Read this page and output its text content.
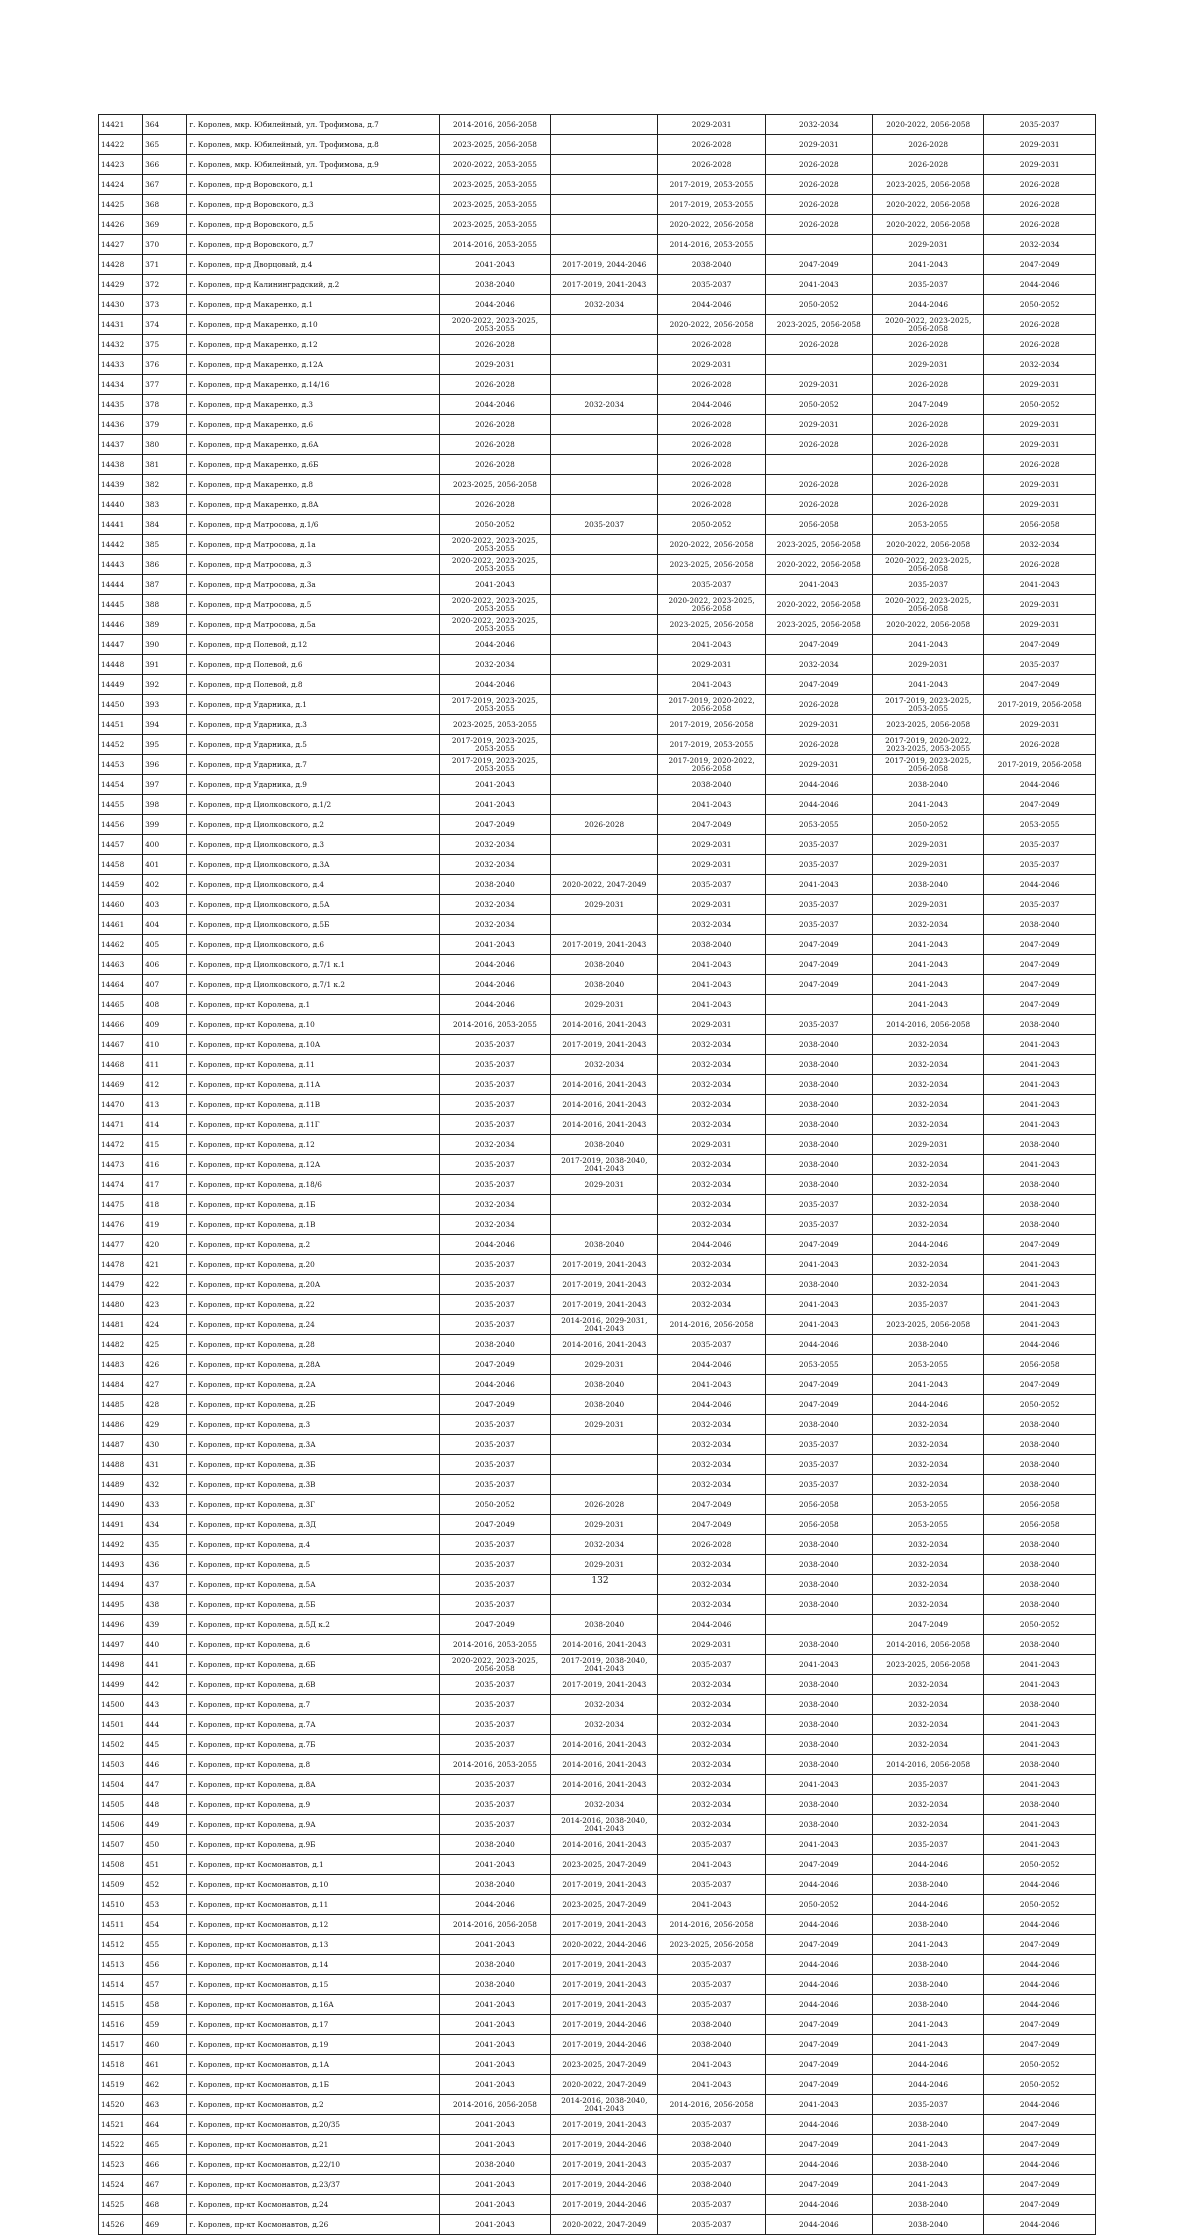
14421	364	г. Королев, мкр. Юбилейный, ул. Трофимова, д.7	2014-2016, 2056-2058		2029-2031	2032-2034	2020-2022, 2056-2058	2035-2037
14422	365	г. Королев, мкр. Юбилейный, ул. Трофимова, д.8	2023-2025, 2056-2058		2026-2028	2029-2031	2026-2028	2029-2031
14423	366	г. Королев, мкр. Юбилейный, ул. Трофимова, д.9	2020-2022, 2053-2055		2026-2028	2026-2028	2026-2028	2029-2031
14424	367	г. Королев, пр-д Воровского, д.1	2023-2025, 2053-2055		2017-2019, 2053-2055	2026-2028	2023-2025, 2056-2058	2026-2028
14425	368	г. Королев, пр-д Воровского, д.3	2023-2025, 2053-2055		2017-2019, 2053-2055	2026-2028	2020-2022, 2056-2058	2026-2028
14426	369	г. Королев, пр-д Воровского, д.5	2023-2025, 2053-2055		2020-2022, 2056-2058	2026-2028	2020-2022, 2056-2058	2026-2028
14427	370	г. Королев, пр-д Воровского, д.7	2014-2016, 2053-2055		2014-2016, 2053-2055		2029-2031	2032-2034
14428	371	г. Королев, пр-д Дворцовый, д.4	2041-2043	2017-2019, 2044-2046	2038-2040	2047-2049	2041-2043	2047-2049
14429	372	г. Королев, пр-д Калининградский, д.2	2038-2040	2017-2019, 2041-2043	2035-2037	2041-2043	2035-2037	2044-2046
14430	373	г. Королев, пр-д Макаренко, д.1	2044-2046	2032-2034	2044-2046	2050-2052	2044-2046	2050-2052
14431	374	г. Королев, пр-д Макаренко, д.10	2020-2022, 2023-2025, 2053-2055		2020-2022, 2056-2058	2023-2025, 2056-2058	2020-2022, 2023-2025, 2056-2058	2026-2028
14432	375	г. Королев, пр-д Макаренко, д.12	2026-2028		2026-2028	2026-2028	2026-2028	2026-2028
14433	376	г. Королев, пр-д Макаренко, д.12А	2029-2031		2029-2031		2029-2031	2032-2034
14434	377	г. Королев, пр-д Макаренко, д.14/16	2026-2028		2026-2028	2029-2031	2026-2028	2029-2031
14435	378	г. Королев, пр-д Макаренко, д.3	2044-2046	2032-2034	2044-2046	2050-2052	2047-2049	2050-2052
14436	379	г. Королев, пр-д Макаренко, д.6	2026-2028		2026-2028	2029-2031	2026-2028	2029-2031
14437	380	г. Королев, пр-д Макаренко, д.6А	2026-2028		2026-2028	2026-2028	2026-2028	2029-2031
14438	381	г. Королев, пр-д Макаренко, д.6Б	2026-2028		2026-2028		2026-2028	2026-2028
14439	382	г. Королев, пр-д Макаренко, д.8	2023-2025, 2056-2058		2026-2028	2026-2028	2026-2028	2029-2031
14440	383	г. Королев, пр-д Макаренко, д.8А	2026-2028		2026-2028	2026-2028	2026-2028	2029-2031
14441	384	г. Королев, пр-д Матросова, д.1/6	2050-2052	2035-2037	2050-2052	2056-2058	2053-2055	2056-2058
14442	385	г. Королев, пр-д Матросова, д.1а	2020-2022, 2023-2025, 2053-2055		2020-2022, 2056-2058	2023-2025, 2056-2058	2020-2022, 2056-2058	2032-2034
14443	386	г. Королев, пр-д Матросова, д.3	2020-2022, 2023-2025, 2053-2055		2023-2025, 2056-2058	2020-2022, 2056-2058	2020-2022, 2023-2025, 2056-2058	2026-2028
14444	387	г. Королев, пр-д Матросова, д.3а	2041-2043		2035-2037	2041-2043	2035-2037	2041-2043
14445	388	г. Королев, пр-д Матросова, д.5	2020-2022, 2023-2025, 2053-2055		2020-2022, 2023-2025, 2056-2058	2020-2022, 2056-2058	2020-2022, 2023-2025, 2056-2058	2029-2031
14446	389	г. Королев, пр-д Матросова, д.5а	2020-2022, 2023-2025, 2053-2055		2023-2025, 2056-2058	2023-2025, 2056-2058	2020-2022, 2056-2058	2029-2031
14447	390	г. Королев, пр-д Полевой, д.12	2044-2046		2041-2043	2047-2049	2041-2043	2047-2049
14448	391	г. Королев, пр-д Полевой, д.6	2032-2034		2029-2031	2032-2034	2029-2031	2035-2037
14449	392	г. Королев, пр-д Полевой, д.8	2044-2046		2041-2043	2047-2049	2041-2043	2047-2049
14450	393	г. Королев, пр-д Ударника, д.1	2017-2019, 2023-2025, 2053-2055		2017-2019, 2020-2022, 2056-2058	2026-2028	2017-2019, 2023-2025, 2053-2055	2017-2019, 2056-2058
14451	394	г. Королев, пр-д Ударника, д.3	2023-2025, 2053-2055		2017-2019, 2056-2058	2029-2031	2023-2025, 2056-2058	2029-2031
14452	395	г. Королев, пр-д Ударника, д.5	2017-2019, 2023-2025, 2053-2055		2017-2019, 2053-2055	2026-2028	2017-2019, 2020-2022, 2023-2025, 2053-2055	2026-2028
14453	396	г. Королев, пр-д Ударника, д.7	2017-2019, 2023-2025, 2053-2055		2017-2019, 2020-2022, 2056-2058	2029-2031	2017-2019, 2023-2025, 2056-2058	2017-2019, 2056-2058
14454	397	г. Королев, пр-д Ударника, д.9	2041-2043		2038-2040	2044-2046	2038-2040	2044-2046
14455	398	г. Королев, пр-д Циолковского, д.1/2	2041-2043		2041-2043	2044-2046	2041-2043	2047-2049
14456	399	г. Королев, пр-д Циолковского, д.2	2047-2049	2026-2028	2047-2049	2053-2055	2050-2052	2053-2055
14457	400	г. Королев, пр-д Циолковского, д.3	2032-2034		2029-2031	2035-2037	2029-2031	2035-2037
14458	401	г. Королев, пр-д Циолковского, д.3А	2032-2034		2029-2031	2035-2037	2029-2031	2035-2037
14459	402	г. Королев, пр-д Циолковского, д.4	2038-2040	2020-2022, 2047-2049	2035-2037	2041-2043	2038-2040	2044-2046
14460	403	г. Королев, пр-д Циолковского, д.5А	2032-2034	2029-2031	2029-2031	2035-2037	2029-2031	2035-2037
14461	404	г. Королев, пр-д Циолковского, д.5Б	2032-2034		2032-2034	2035-2037	2032-2034	2038-2040
14462	405	г. Королев, пр-д Циолковского, д.6	2041-2043	2017-2019, 2041-2043	2038-2040	2047-2049	2041-2043	2047-2049
14463	406	г. Королев, пр-д Циолковского, д.7/1 к.1	2044-2046	2038-2040	2041-2043	2047-2049	2041-2043	2047-2049
14464	407	г. Королев, пр-д Циолковского, д.7/1 к.2	2044-2046	2038-2040	2041-2043	2047-2049	2041-2043	2047-2049
14465	408	г. Королев, пр-кт Королева, д.1	2044-2046	2029-2031	2041-2043		2041-2043	2047-2049
14466	409	г. Королев, пр-кт Королева, д.10	2014-2016, 2053-2055	2014-2016, 2041-2043	2029-2031	2035-2037	2014-2016, 2056-2058	2038-2040
14467	410	г. Королев, пр-кт Королева, д.10А	2035-2037	2017-2019, 2041-2043	2032-2034	2038-2040	2032-2034	2041-2043
14468	411	г. Королев, пр-кт Королева, д.11	2035-2037	2032-2034	2032-2034	2038-2040	2032-2034	2041-2043
14469	412	г. Королев, пр-кт Королева, д.11А	2035-2037	2014-2016, 2041-2043	2032-2034	2038-2040	2032-2034	2041-2043
14470	413	г. Королев, пр-кт Королева, д.11В	2035-2037	2014-2016, 2041-2043	2032-2034	2038-2040	2032-2034	2041-2043
14471	414	г. Королев, пр-кт Королева, д.11Г	2035-2037	2014-2016, 2041-2043	2032-2034	2038-2040	2032-2034	2041-2043
14472	415	г. Королев, пр-кт Королева, д.12	2032-2034	2038-2040	2029-2031	2038-2040	2029-2031	2038-2040
14473	416	г. Королев, пр-кт Королева, д.12А	2035-2037	2017-2019, 2038-2040, 2041-2043	2032-2034	2038-2040	2032-2034	2041-2043
14474	417	г. Королев, пр-кт Королева, д.18/6	2035-2037	2029-2031	2032-2034	2038-2040	2032-2034	2038-2040
14475	418	г. Королев, пр-кт Королева, д.1Б	2032-2034		2032-2034	2035-2037	2032-2034	2038-2040
14476	419	г. Королев, пр-кт Королева, д.1В	2032-2034		2032-2034	2035-2037	2032-2034	2038-2040
14477	420	г. Королев, пр-кт Королева, д.2	2044-2046	2038-2040	2044-2046	2047-2049	2044-2046	2047-2049
14478	421	г. Королев, пр-кт Королева, д.20	2035-2037	2017-2019, 2041-2043	2032-2034	2041-2043	2032-2034	2041-2043
14479	422	г. Королев, пр-кт Королева, д.20А	2035-2037	2017-2019, 2041-2043	2032-2034	2038-2040	2032-2034	2041-2043
14480	423	г. Королев, пр-кт Королева, д.22	2035-2037	2017-2019, 2041-2043	2032-2034	2041-2043	2035-2037	2041-2043
14481	424	г. Королев, пр-кт Королева, д.24	2035-2037	2014-2016, 2029-2031, 2041-2043	2014-2016, 2056-2058	2041-2043	2023-2025, 2056-2058	2041-2043
14482	425	г. Королев, пр-кт Королева, д.28	2038-2040	2014-2016, 2041-2043	2035-2037	2044-2046	2038-2040	2044-2046
14483	426	г. Королев, пр-кт Королева, д.28А	2047-2049	2029-2031	2044-2046	2053-2055	2053-2055	2056-2058
14484	427	г. Королев, пр-кт Королева, д.2А	2044-2046	2038-2040	2041-2043	2047-2049	2041-2043	2047-2049
14485	428	г. Королев, пр-кт Королева, д.2Б	2047-2049	2038-2040	2044-2046	2047-2049	2044-2046	2050-2052
14486	429	г. Королев, пр-кт Королева, д.3	2035-2037	2029-2031	2032-2034	2038-2040	2032-2034	2038-2040
14487	430	г. Королев, пр-кт Королева, д.3А	2035-2037		2032-2034	2035-2037	2032-2034	2038-2040
14488	431	г. Королев, пр-кт Королева, д.3Б	2035-2037		2032-2034	2035-2037	2032-2034	2038-2040
14489	432	г. Королев, пр-кт Королева, д.3В	2035-2037		2032-2034	2035-2037	2032-2034	2038-2040
14490	433	г. Королев, пр-кт Королева, д.3Г	2050-2052	2026-2028	2047-2049	2056-2058	2053-2055	2056-2058
14491	434	г. Королев, пр-кт Королева, д.3Д	2047-2049	2029-2031	2047-2049	2056-2058	2053-2055	2056-2058
14492	435	г. Королев, пр-кт Королева, д.4	2035-2037	2032-2034	2026-2028	2038-2040	2032-2034	2038-2040
14493	436	г. Королев, пр-кт Королева, д.5	2035-2037	2029-2031	2032-2034	2038-2040	2032-2034	2038-2040
14494	437	г. Королев, пр-кт Королева, д.5А	2035-2037		2032-2034	2038-2040	2032-2034	2038-2040
14495	438	г. Королев, пр-кт Королева, д.5Б	2035-2037		2032-2034	2038-2040	2032-2034	2038-2040
14496	439	г. Королев, пр-кт Королева, д.5Д к.2	2047-2049	2038-2040	2044-2046		2047-2049	2050-2052
14497	440	г. Королев, пр-кт Королева, д.6	2014-2016, 2053-2055	2014-2016, 2041-2043	2029-2031	2038-2040	2014-2016, 2056-2058	2038-2040
14498	441	г. Королев, пр-кт Королева, д.6Б	2020-2022, 2023-2025, 2056-2058	2017-2019, 2038-2040, 2041-2043	2035-2037	2041-2043	2023-2025, 2056-2058	2041-2043
14499	442	г. Королев, пр-кт Королева, д.6В	2035-2037	2017-2019, 2041-2043	2032-2034	2038-2040	2032-2034	2041-2043
14500	443	г. Королев, пр-кт Королева, д.7	2035-2037	2032-2034	2032-2034	2038-2040	2032-2034	2038-2040
14501	444	г. Королев, пр-кт Королева, д.7А	2035-2037	2032-2034	2032-2034	2038-2040	2032-2034	2041-2043
14502	445	г. Королев, пр-кт Королева, д.7Б	2035-2037	2014-2016, 2041-2043	2032-2034	2038-2040	2032-2034	2041-2043
14503	446	г. Королев, пр-кт Королева, д.8	2014-2016, 2053-2055	2014-2016, 2041-2043	2032-2034	2038-2040	2014-2016, 2056-2058	2038-2040
14504	447	г. Королев, пр-кт Королева, д.8А	2035-2037	2014-2016, 2041-2043	2032-2034	2041-2043	2035-2037	2041-2043
14505	448	г. Королев, пр-кт Королева, д.9	2035-2037	2032-2034	2032-2034	2038-2040	2032-2034	2038-2040
14506	449	г. Королев, пр-кт Королева, д.9А	2035-2037	2014-2016, 2038-2040, 2041-2043	2032-2034	2038-2040	2032-2034	2041-2043
14507	450	г. Королев, пр-кт Королева, д.9Б	2038-2040	2014-2016, 2041-2043	2035-2037	2041-2043	2035-2037	2041-2043
14508	451	г. Королев, пр-кт Космонавтов, д.1	2041-2043	2023-2025, 2047-2049	2041-2043	2047-2049	2044-2046	2050-2052
14509	452	г. Королев, пр-кт Космонавтов, д.10	2038-2040	2017-2019, 2041-2043	2035-2037	2044-2046	2038-2040	2044-2046
14510	453	г. Королев, пр-кт Космонавтов, д.11	2044-2046	2023-2025, 2047-2049	2041-2043	2050-2052	2044-2046	2050-2052
14511	454	г. Королев, пр-кт Космонавтов, д.12	2014-2016, 2056-2058	2017-2019, 2041-2043	2014-2016, 2056-2058	2044-2046	2038-2040	2044-2046
14512	455	г. Королев, пр-кт Космонавтов, д.13	2041-2043	2020-2022, 2044-2046	2023-2025, 2056-2058	2047-2049	2041-2043	2047-2049
14513	456	г. Королев, пр-кт Космонавтов, д.14	2038-2040	2017-2019, 2041-2043	2035-2037	2044-2046	2038-2040	2044-2046
14514	457	г. Королев, пр-кт Космонавтов, д.15	2038-2040	2017-2019, 2041-2043	2035-2037	2044-2046	2038-2040	2044-2046
14515	458	г. Королев, пр-кт Космонавтов, д.16А	2041-2043	2017-2019, 2041-2043	2035-2037	2044-2046	2038-2040	2044-2046
14516	459	г. Королев, пр-кт Космонавтов, д.17	2041-2043	2017-2019, 2044-2046	2038-2040	2047-2049	2041-2043	2047-2049
14517	460	г. Королев, пр-кт Космонавтов, д.19	2041-2043	2017-2019, 2044-2046	2038-2040	2047-2049	2041-2043	2047-2049
14518	461	г. Королев, пр-кт Космонавтов, д.1А	2041-2043	2023-2025, 2047-2049	2041-2043	2047-2049	2044-2046	2050-2052
14519	462	г. Королев, пр-кт Космонавтов, д.1Б	2041-2043	2020-2022, 2047-2049	2041-2043	2047-2049	2044-2046	2050-2052
14520	463	г. Королев, пр-кт Космонавтов, д.2	2014-2016, 2056-2058	2014-2016, 2038-2040, 2041-2043	2014-2016, 2056-2058	2041-2043	2035-2037	2044-2046
14521	464	г. Королев, пр-кт Космонавтов, д.20/35	2041-2043	2017-2019, 2041-2043	2035-2037	2044-2046	2038-2040	2047-2049
14522	465	г. Королев, пр-кт Космонавтов, д.21	2041-2043	2017-2019, 2044-2046	2038-2040	2047-2049	2041-2043	2047-2049
14523	466	г. Королев, пр-кт Космонавтов, д.22/10	2038-2040	2017-2019, 2041-2043	2035-2037	2044-2046	2038-2040	2044-2046
14524	467	г. Королев, пр-кт Космонавтов, д.23/37	2041-2043	2017-2019, 2044-2046	2038-2040	2047-2049	2041-2043	2047-2049
14525	468	г. Королев, пр-кт Космонавтов, д.24	2041-2043	2017-2019, 2044-2046	2035-2037	2044-2046	2038-2040	2047-2049
14526	469	г. Королев, пр-кт Космонавтов, д.26	2041-2043	2020-2022, 2047-2049	2035-2037	2044-2046	2038-2040	2044-2046
132
